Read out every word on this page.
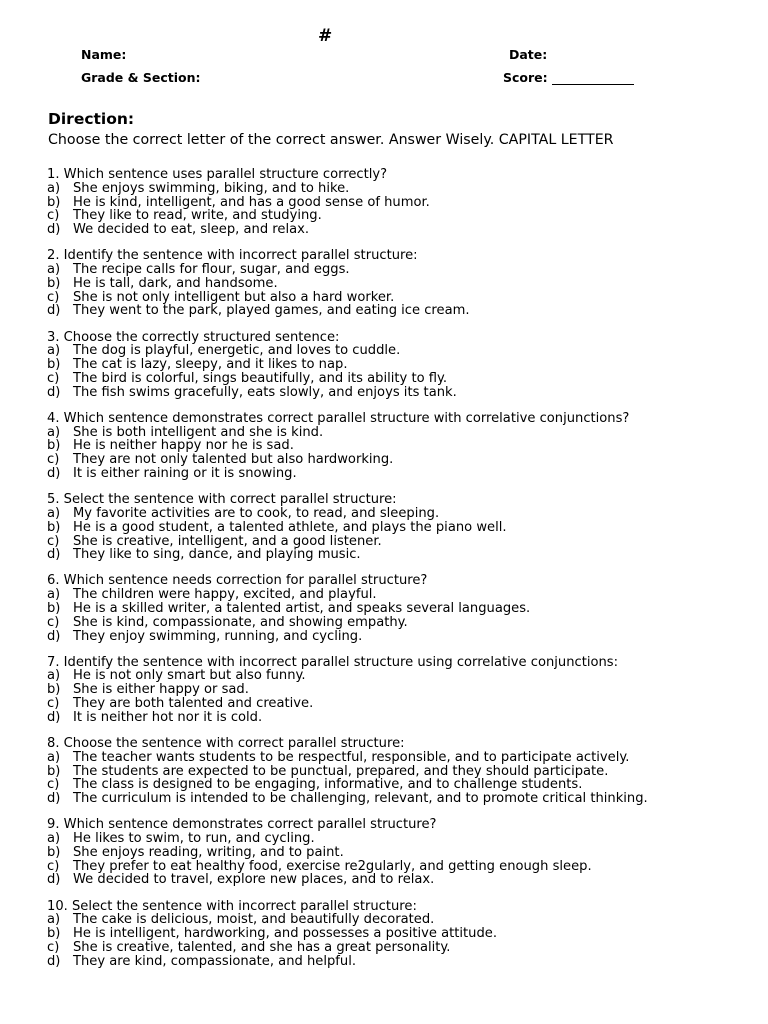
#
Name:	Date:
Grade & Section:	Score:
Direction:
Choose the correct letter of the correct answer. Answer Wisely. CAPITAL LETTER
1. Which sentence uses parallel structure correctly?
a) She enjoys swimming, biking, and to hike.
b) He is kind, intelligent, and has a good sense of humor.
c) They like to read, write, and studying.
d) We decided to eat, sleep, and relax.
2. Identify the sentence with incorrect parallel structure:
a) The recipe calls for flour, sugar, and eggs.
b) He is tall, dark, and handsome.
c) She is not only intelligent but also a hard worker.
d) They went to the park, played games, and eating ice cream.
3. Choose the correctly structured sentence:
a) The dog is playful, energetic, and loves to cuddle.
b) The cat is lazy, sleepy, and it likes to nap.
c) The bird is colorful, sings beautifully, and its ability to fly.
d) The fish swims gracefully, eats slowly, and enjoys its tank.
4. Which sentence demonstrates correct parallel structure with correlative conjunctions?
a) She is both intelligent and she is kind.
b) He is neither happy nor he is sad.
c) They are not only talented but also hardworking.
d) It is either raining or it is snowing.
5. Select the sentence with correct parallel structure:
a) My favorite activities are to cook, to read, and sleeping.
b) He is a good student, a talented athlete, and plays the piano well.
c) She is creative, intelligent, and a good listener.
d) They like to sing, dance, and playing music.
6. Which sentence needs correction for parallel structure?
a) The children were happy, excited, and playful.
b) He is a skilled writer, a talented artist, and speaks several languages.
c) She is kind, compassionate, and showing empathy.
d) They enjoy swimming, running, and cycling.
7. Identify the sentence with incorrect parallel structure using correlative conjunctions:
a) He is not only smart but also funny.
b) She is either happy or sad.
c) They are both talented and creative.
d) It is neither hot nor it is cold.
8. Choose the sentence with correct parallel structure:
a) The teacher wants students to be respectful, responsible, and to participate actively.
b) The students are expected to be punctual, prepared, and they should participate.
c) The class is designed to be engaging, informative, and to challenge students.
d) The curriculum is intended to be challenging, relevant, and to promote critical thinking.
9. Which sentence demonstrates correct parallel structure?
a) He likes to swim, to run, and cycling.
b) She enjoys reading, writing, and to paint.
c) They prefer to eat healthy food, exercise re2gularly, and getting enough sleep.
d) We decided to travel, explore new places, and to relax.
10. Select the sentence with incorrect parallel structure:
a) The cake is delicious, moist, and beautifully decorated.
b) He is intelligent, hardworking, and possesses a positive attitude.
c) She is creative, talented, and she has a great personality.
d) They are kind, compassionate, and helpful.
